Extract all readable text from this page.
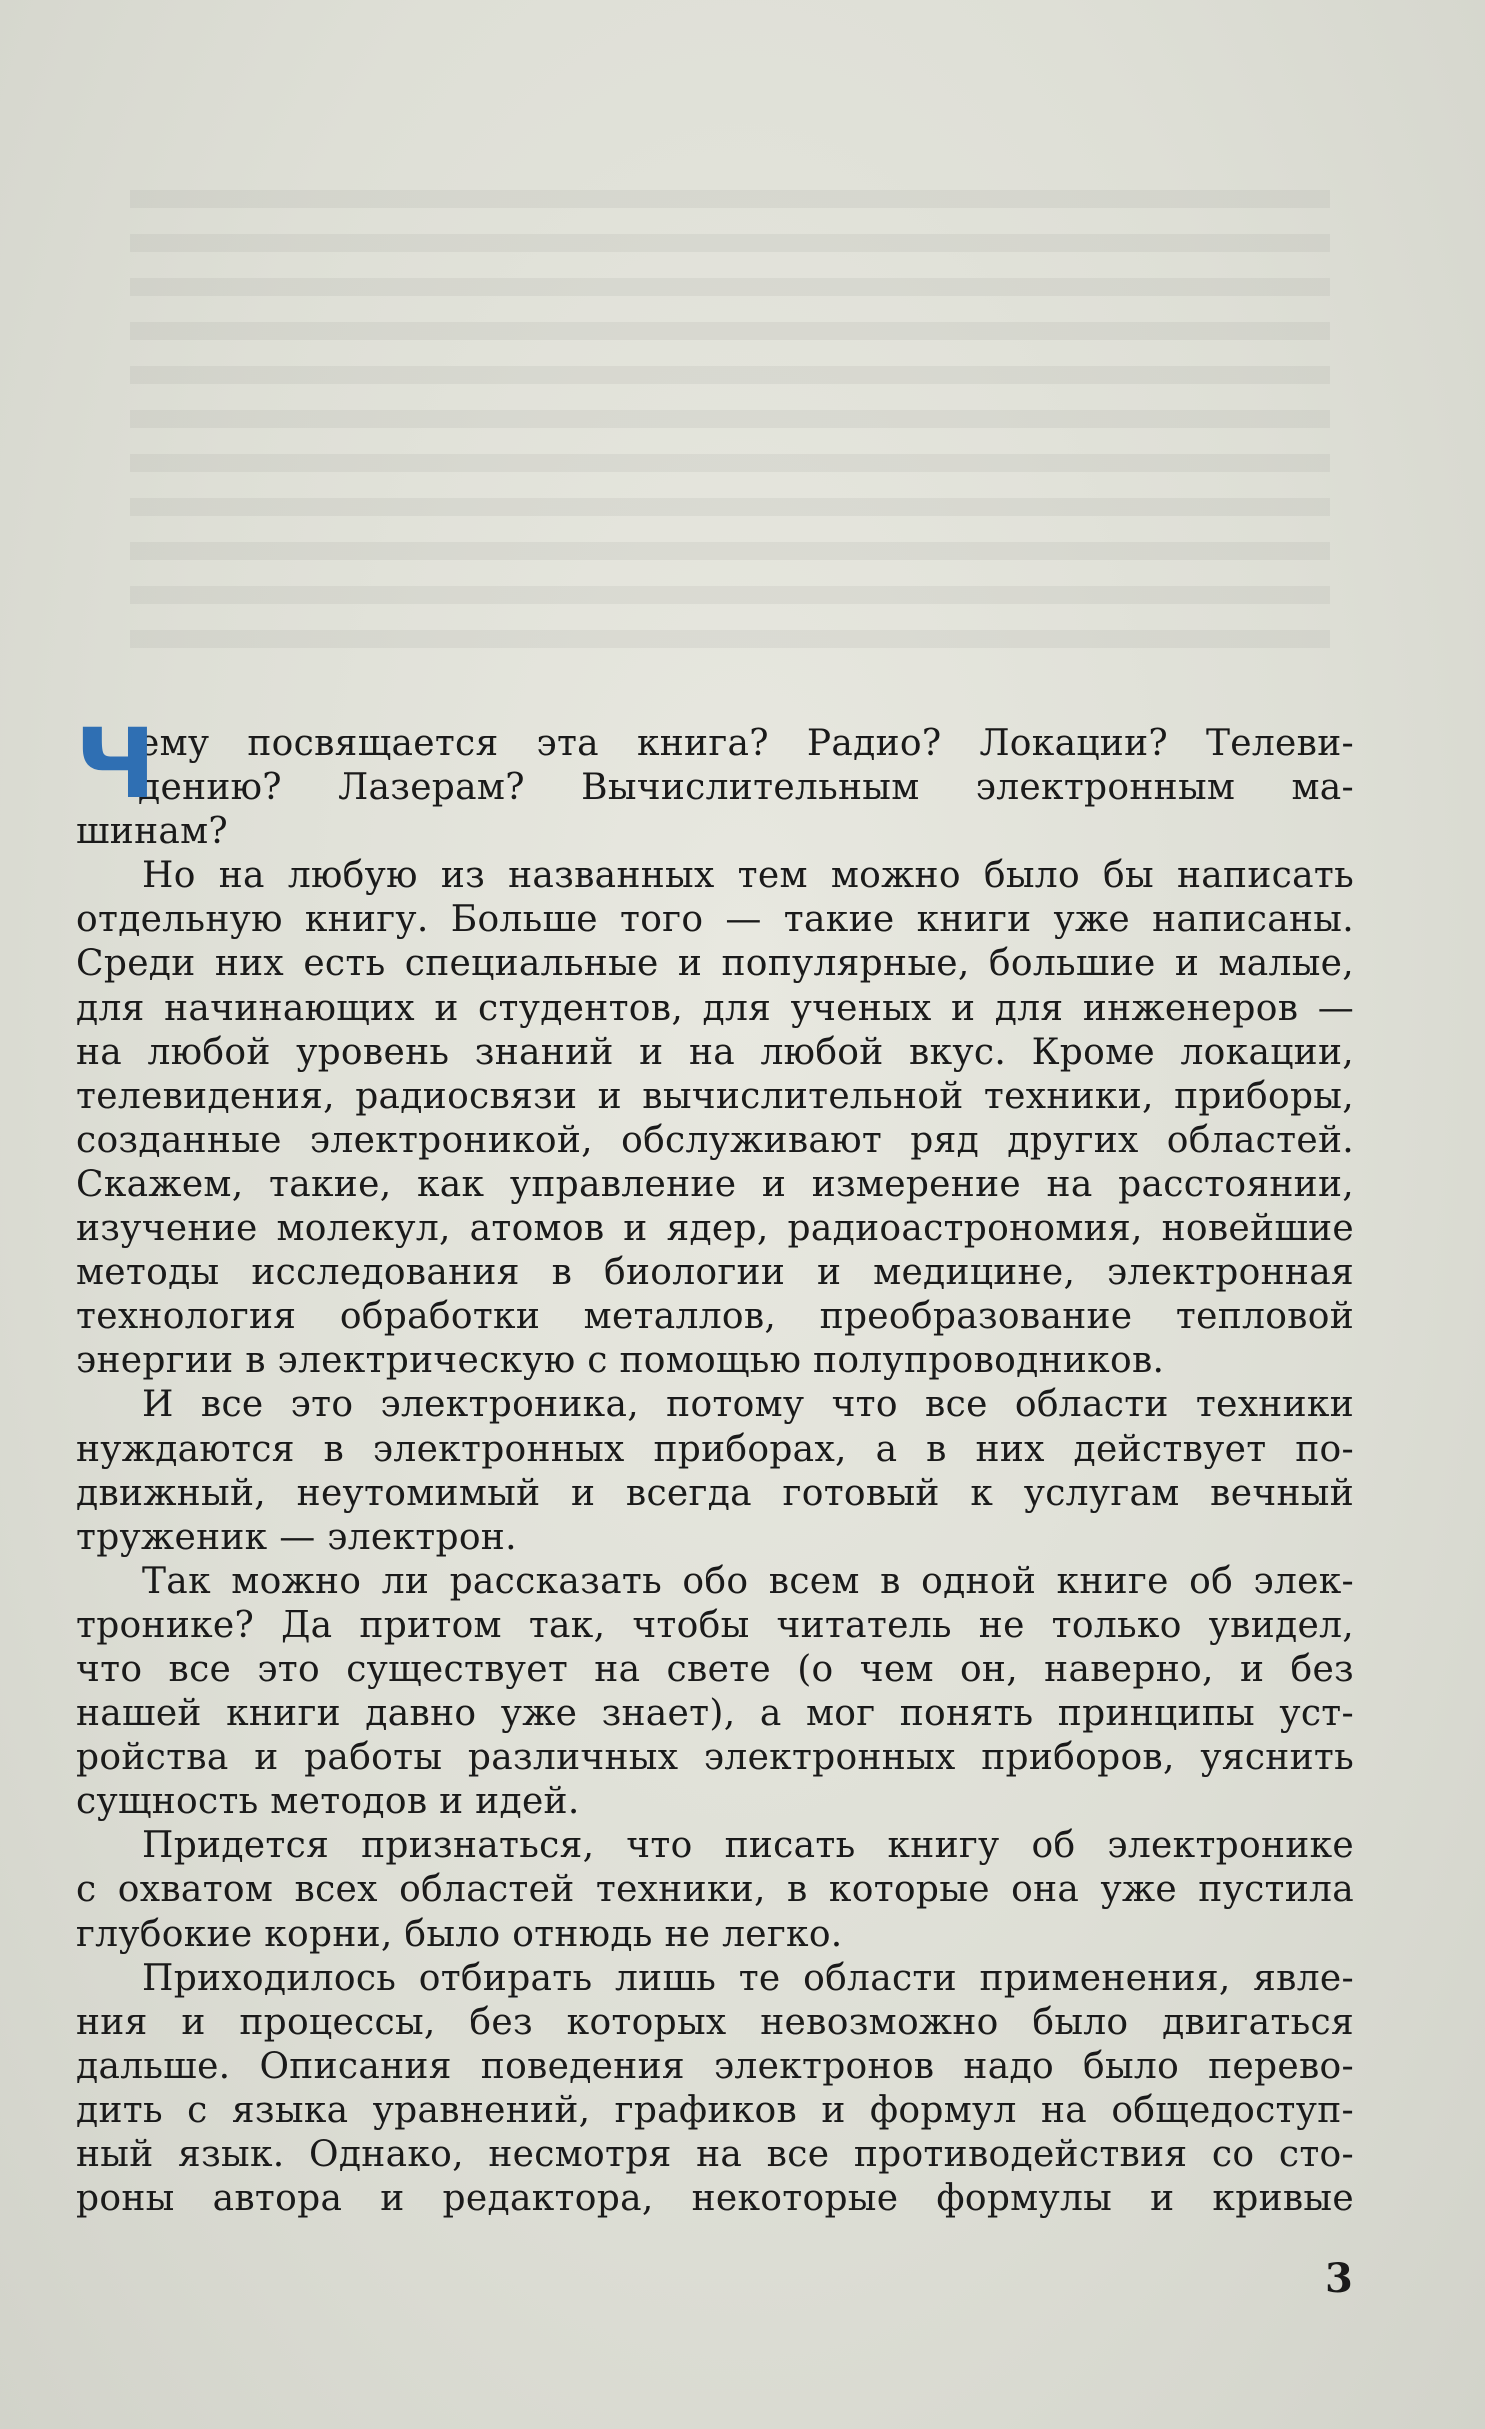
Ч
ему посвящается эта книга? Радио? Локации? Телеви-
дению? Лазерам? Вычислительным электронным ма-
шинам?
Но на любую из названных тем можно было бы написать
отдельную книгу. Больше того — такие книги уже написаны.
Среди них есть специальные и популярные, большие и малые,
для начинающих и студентов, для ученых и для инженеров —
на любой уровень знаний и на любой вкус. Кроме локации,
телевидения, радиосвязи и вычислительной техники, приборы,
созданные электроникой, обслуживают ряд других областей.
Скажем, такие, как управление и измерение на расстоянии,
изучение молекул, атомов и ядер, радиоастрономия, новейшие
методы исследования в биологии и медицине, электронная
технология обработки металлов, преобразование тепловой
энергии в электрическую с помощью полупроводников.
И все это электроника, потому что все области техники
нуждаются в электронных приборах, а в них действует по-
движный, неутомимый и всегда готовый к услугам вечный
труженик — электрон.
Так можно ли рассказать обо всем в одной книге об элек-
тронике? Да притом так, чтобы читатель не только увидел,
что все это существует на свете (о чем он, наверно, и без
нашей книги давно уже знает), а мог понять принципы уст-
ройства и работы различных электронных приборов, уяснить
сущность методов и идей.
Придется признаться, что писать книгу об электронике
с охватом всех областей техники, в которые она уже пустила
глубокие корни, было отнюдь не легко.
Приходилось отбирать лишь те области применения, явле-
ния и процессы, без которых невозможно было двигаться
дальше. Описания поведения электронов надо было перево-
дить с языка уравнений, графиков и формул на общедоступ-
ный язык. Однако, несмотря на все противодействия со сто-
роны автора и редактора, некоторые формулы и кривые
3
